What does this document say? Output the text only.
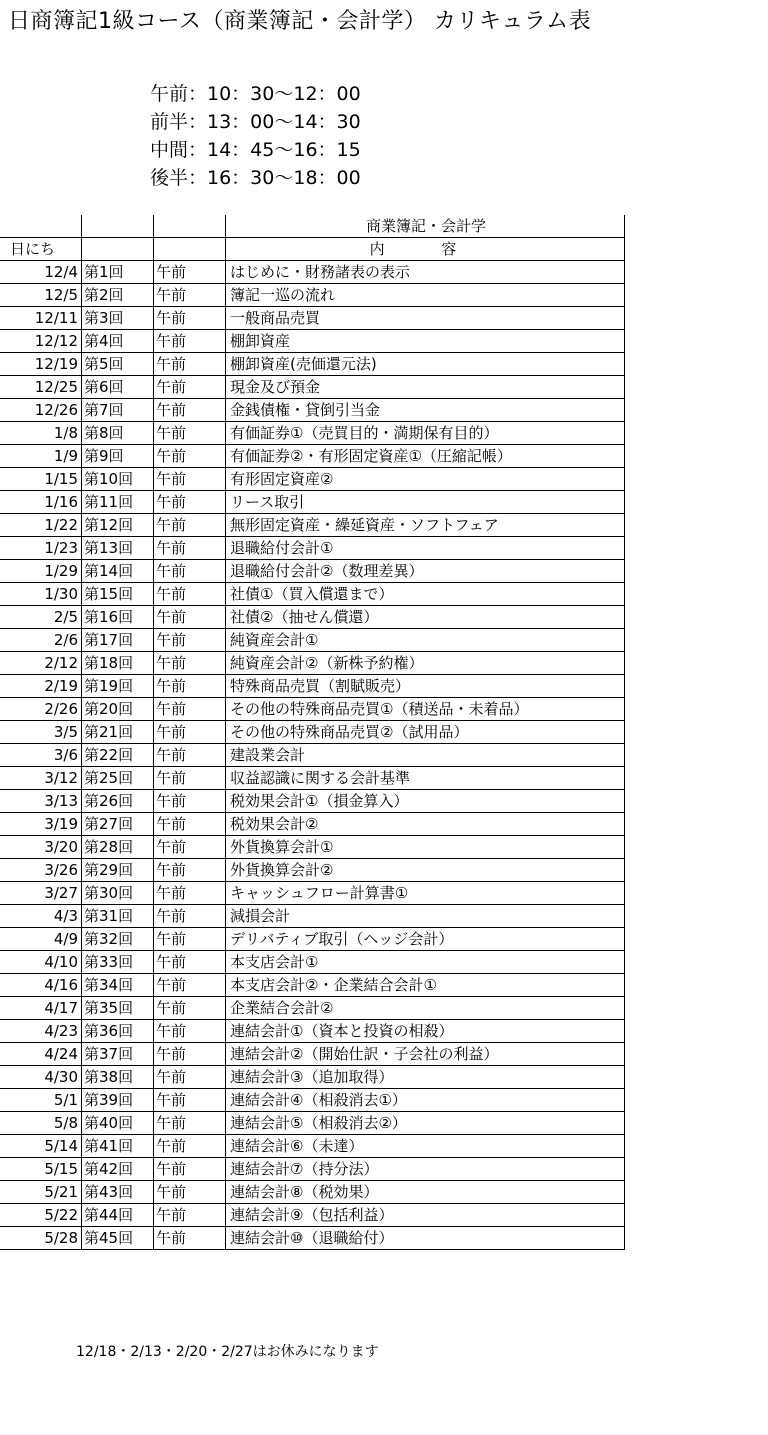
日商簿記1級コース（商業簿記・会計学） カリキュラム表
午前：10：30〜12：00
前半：13：00〜14：30
中間：14：45〜16：15
後半：16：30〜18：00
			商業簿記・会計学
日にち			内 容
12/4	第1回	午前	はじめに・財務諸表の表示
12/5	第2回	午前	簿記一巡の流れ
12/11	第3回	午前	一般商品売買
12/12	第4回	午前	棚卸資産
12/19	第5回	午前	棚卸資産(売価還元法)
12/25	第6回	午前	現金及び預金
12/26	第7回	午前	金銭債権・貸倒引当金
1/8	第8回	午前	有価証券①（売買目的・満期保有目的）
1/9	第9回	午前	有価証券②・有形固定資産①（圧縮記帳）
1/15	第10回	午前	有形固定資産②
1/16	第11回	午前	リース取引
1/22	第12回	午前	無形固定資産・繰延資産・ソフトフェア
1/23	第13回	午前	退職給付会計①
1/29	第14回	午前	退職給付会計②（数理差異）
1/30	第15回	午前	社債①（買入償還まで）
2/5	第16回	午前	社債②（抽せん償還）
2/6	第17回	午前	純資産会計①
2/12	第18回	午前	純資産会計②（新株予約権）
2/19	第19回	午前	特殊商品売買（割賦販売）
2/26	第20回	午前	その他の特殊商品売買①（積送品・未着品）
3/5	第21回	午前	その他の特殊商品売買②（試用品）
3/6	第22回	午前	建設業会計
3/12	第25回	午前	収益認識に関する会計基準
3/13	第26回	午前	税効果会計①（損金算入）
3/19	第27回	午前	税効果会計②
3/20	第28回	午前	外貨換算会計①
3/26	第29回	午前	外貨換算会計②
3/27	第30回	午前	キャッシュフロー計算書①
4/3	第31回	午前	減損会計
4/9	第32回	午前	デリバティブ取引（ヘッジ会計）
4/10	第33回	午前	本支店会計①
4/16	第34回	午前	本支店会計②・企業結合会計①
4/17	第35回	午前	企業結合会計②
4/23	第36回	午前	連結会計①（資本と投資の相殺）
4/24	第37回	午前	連結会計②（開始仕訳・子会社の利益）
4/30	第38回	午前	連結会計③（追加取得）
5/1	第39回	午前	連結会計④（相殺消去①）
5/8	第40回	午前	連結会計⑤（相殺消去②）
5/14	第41回	午前	連結会計⑥（未達）
5/15	第42回	午前	連結会計⑦（持分法）
5/21	第43回	午前	連結会計⑧（税効果）
5/22	第44回	午前	連結会計⑨（包括利益）
5/28	第45回	午前	連結会計⑩（退職給付）
12/18・2/13・2/20・2/27はお休みになります
